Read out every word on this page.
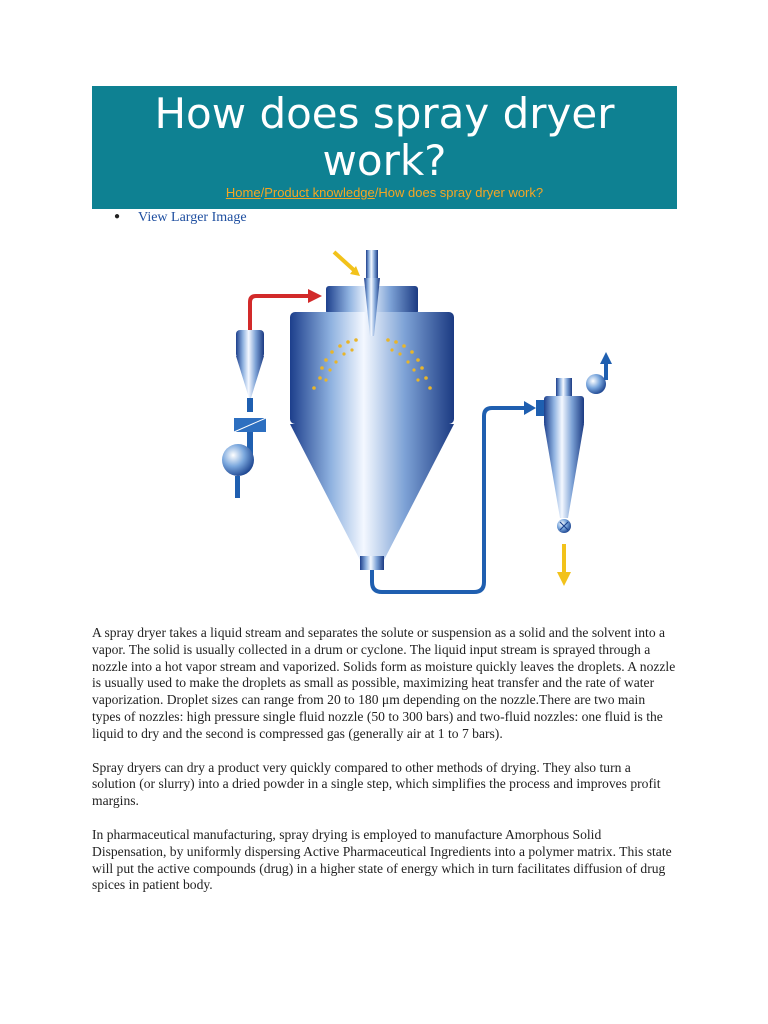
How does spray dryer work?
Home/Product knowledge/How does spray dryer work?
● View Larger Image

A spray dryer takes a liquid stream and separates the solute or suspension as a solid and the solvent into a vapor. The solid is usually collected in a drum or cyclone. The liquid input stream is sprayed through a nozzle into a hot vapor stream and vaporized. Solids form as moisture quickly leaves the droplets. A nozzle is usually used to make the droplets as small as possible, maximizing heat transfer and the rate of water vaporization. Droplet sizes can range from 20 to 180 μm depending on the nozzle.There are two main types of nozzles: high pressure single fluid nozzle (50 to 300 bars) and two-fluid nozzles: one fluid is the liquid to dry and the second is compressed gas (generally air at 1 to 7 bars).

Spray dryers can dry a product very quickly compared to other methods of drying. They also turn a solution (or slurry) into a dried powder in a single step, which simplifies the process and improves profit margins.

In pharmaceutical manufacturing, spray drying is employed to manufacture Amorphous Solid Dispensation, by uniformly dispersing Active Pharmaceutical Ingredients into a polymer matrix. This state will put the active compounds (drug) in a higher state of energy which in turn facilitates diffusion of drug spices in patient body.
